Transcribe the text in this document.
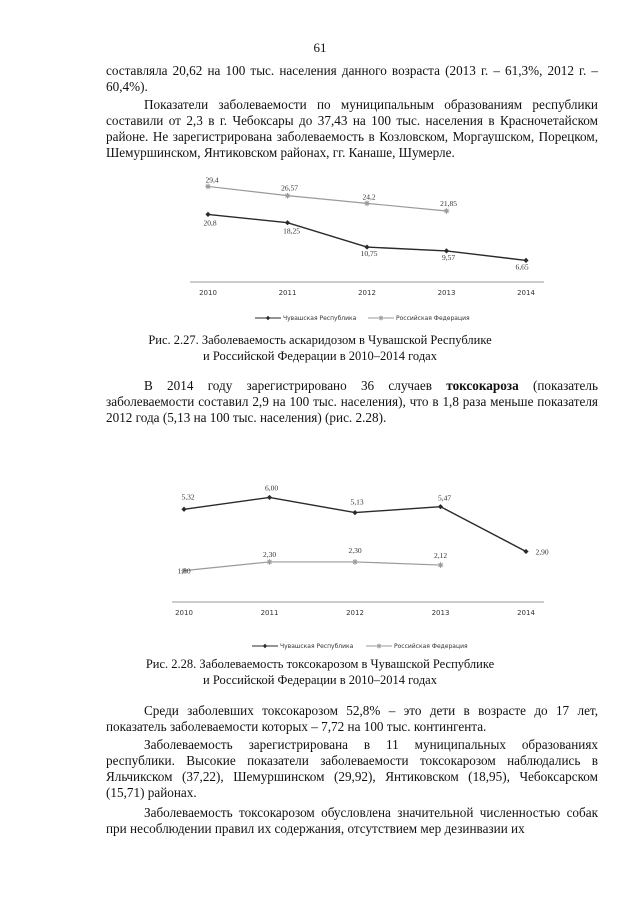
61

составляла 20,62 на 100 тыс. населения данного возраста (2013 г. – 61,3%, 2012 г. – 60,4%).

Показатели заболеваемости по муниципальным образованиям республики составили от 2,3 в г. Чебоксары до 37,43 на 100 тыс. населения в Красночетайском районе. Не зарегистрирована заболеваемость в Козловском, Моргаушском, Порецком, Шемуршинском, Янтиковском районах, гг. Канаше, Шумерле.

2010	2011	2012	2013	2014
20,8
18,25
10,75	9,57
6,65
29,4
26,57
24,2
21,85
Чувашская Республика	Российская Федерация
Рис. 2.27. Заболеваемость аскаридозом в Чувашской Республике
и Российской Федерации в 2010–2014 годах

В 2014 году зарегистрировано 36 случаев токсокароза (показатель заболеваемости составил 2,9 на 100 тыс. населения), что в 1,8 раза меньше показателя 2012 года (5,13 на 100 тыс. населения) (рис. 2.28).

2010	2011	2012	2013	2014
5,32
6,00
5,13	5,47
2,90
1,80
2,30	2,30
2,12
Чувашская Республика	Российская Федерация
Рис. 2.28. Заболеваемость токсокарозом в Чувашской Республике
и Российской Федерации в 2010–2014 годах

Среди заболевших токсокарозом 52,8% – это дети в возрасте до 17 лет, показатель заболеваемости которых – 7,72 на 100 тыс. контингента.

Заболеваемость зарегистрирована в 11 муниципальных образованиях республики. Высокие показатели заболеваемости токсокарозом наблюдались в Яльчикском (37,22), Шемуршинском (29,92), Янтиковском (18,95), Чебоксарском (15,71) районах.

Заболеваемость токсокарозом обусловлена значительной численностью собак при несоблюдении правил их содержания, отсутствием мер дезинвазии их
